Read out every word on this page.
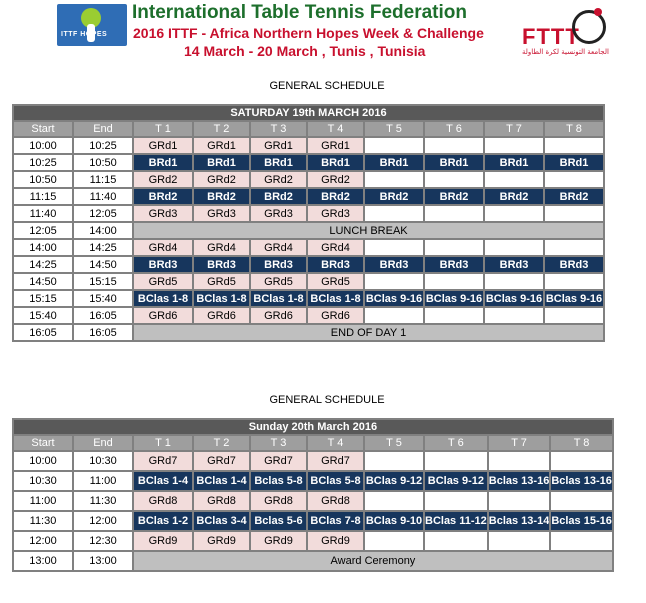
ITTF HOPES
International Table Tennis Federation
2016 ITTF - Africa Northern Hopes Week & Challenge
14 March - 20 March , Tunis , Tunisia
FTTT
الجامعة التونسية لكرة الطاولة
GENERAL SCHEDULE
SATURDAY 19th MARCH 2016									
Start	End	T 1	T 2	T 3	T 4	T 5	T 6	T 7	T 8
10:00	10:25	GRd1	GRd1	GRd1	GRd1				
10:25	10:50	BRd1	BRd1	BRd1	BRd1	BRd1	BRd1	BRd1	BRd1
10:50	11:15	GRd2	GRd2	GRd2	GRd2				
11:15	11:40	BRd2	BRd2	BRd2	BRd2	BRd2	BRd2	BRd2	BRd2
11:40	12:05	GRd3	GRd3	GRd3	GRd3				
12:05	14:00	LUNCH BREAK							
14:00	14:25	GRd4	GRd4	GRd4	GRd4				
14:25	14:50	BRd3	BRd3	BRd3	BRd3	BRd3	BRd3	BRd3	BRd3
14:50	15:15	GRd5	GRd5	GRd5	GRd5				
15:15	15:40	BClas 1-8	BClas 1-8	BClas 1-8	BClas 1-8	BClas 9-16	BClas 9-16	BClas 9-16	BClas 9-16
15:40	16:05	GRd6	GRd6	GRd6	GRd6				
16:05	16:05	END OF DAY 1							
GENERAL SCHEDULE
Sunday 20th March 2016									
Start	End	T 1	T 2	T 3	T 4	T 5	T 6	T 7	T 8
10:00	10:30	GRd7	GRd7	GRd7	GRd7				
10:30	11:00	BClas 1-4	BClas 1-4	Bclas 5-8	BClas 5-8	BClas 9-12	BClas 9-12	Bclas 13-16	Bclas 13-16
11:00	11:30	GRd8	GRd8	GRd8	GRd8				
11:30	12:00	BClas 1-2	BClas 3-4	Bclas 5-6	BClas 7-8	BClas 9-10	BClas 11-12	Bclas 13-14	Bclas 15-16
12:00	12:30	GRd9	GRd9	GRd9	GRd9				
13:00	13:00	Award Ceremony							
